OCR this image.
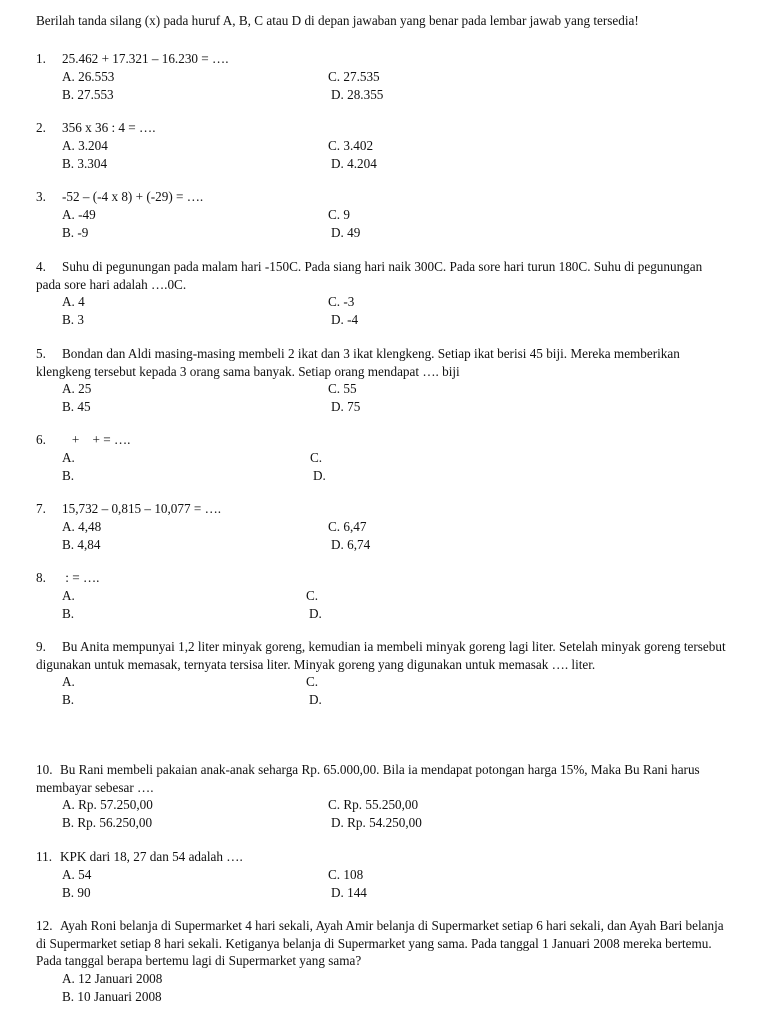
Berilah tanda silang (x) pada huruf A, B, C atau D di depan jawaban yang benar pada lembar jawab yang tersedia!
1. 25.462 + 17.321 – 16.230 = ….
A. 26.553	C. 27.535
B. 27.553	D. 28.355
2. 356 x 36 : 4 = ….
A. 3.204	C. 3.402
B. 3.304	D. 4.204
3. -52 – (-4 x 8) + (-29) = ….
A. -49	C. 9
B. -9	D. 49
4. Suhu di pegunungan pada malam hari -150C. Pada siang hari naik 300C. Pada sore hari turun 180C. Suhu di pegunungan pada sore hari adalah ….0C.
A. 4	C. -3
B. 3	D. -4
5. Bondan dan Aldi masing-masing membeli 2 ikat dan 3 ikat klengkeng. Setiap ikat berisi 45 biji. Mereka memberikan klengkeng tersebut kepada 3 orang sama banyak. Setiap orang mendapat …. biji
A. 25	C. 55
B. 45	D. 75
6.   +    + = ….
A.	C.
B.	D.
7. 15,732 – 0,815 – 10,077 = ….
A. 4,48	C. 6,47
B. 4,84	D. 6,74
8. : = ….
A.	C.
B.	D.
9. Bu Anita mempunyai 1,2 liter minyak goreng, kemudian ia membeli minyak goreng lagi liter. Setelah minyak goreng tersebut digunakan untuk memasak, ternyata tersisa liter. Minyak goreng yang digunakan untuk memasak …. liter.
A.	C.
B.	D.
10. Bu Rani membeli pakaian anak-anak seharga Rp. 65.000,00. Bila ia mendapat potongan harga 15%, Maka Bu Rani harus membayar sebesar ….
A. Rp. 57.250,00	C. Rp. 55.250,00
B. Rp. 56.250,00	D. Rp. 54.250,00
11. KPK dari 18, 27 dan 54 adalah ….
A. 54	C. 108
B. 90	D. 144
12. Ayah Roni belanja di Supermarket 4 hari sekali, Ayah Amir belanja di Supermarket setiap 6 hari sekali, dan Ayah Bari belanja di Supermarket setiap 8 hari sekali. Ketiganya belanja di Supermarket yang sama. Pada tanggal 1 Januari 2008 mereka bertemu. Pada tanggal berapa bertemu lagi di Supermarket yang sama?
A. 12 Januari 2008
B. 10 Januari 2008
